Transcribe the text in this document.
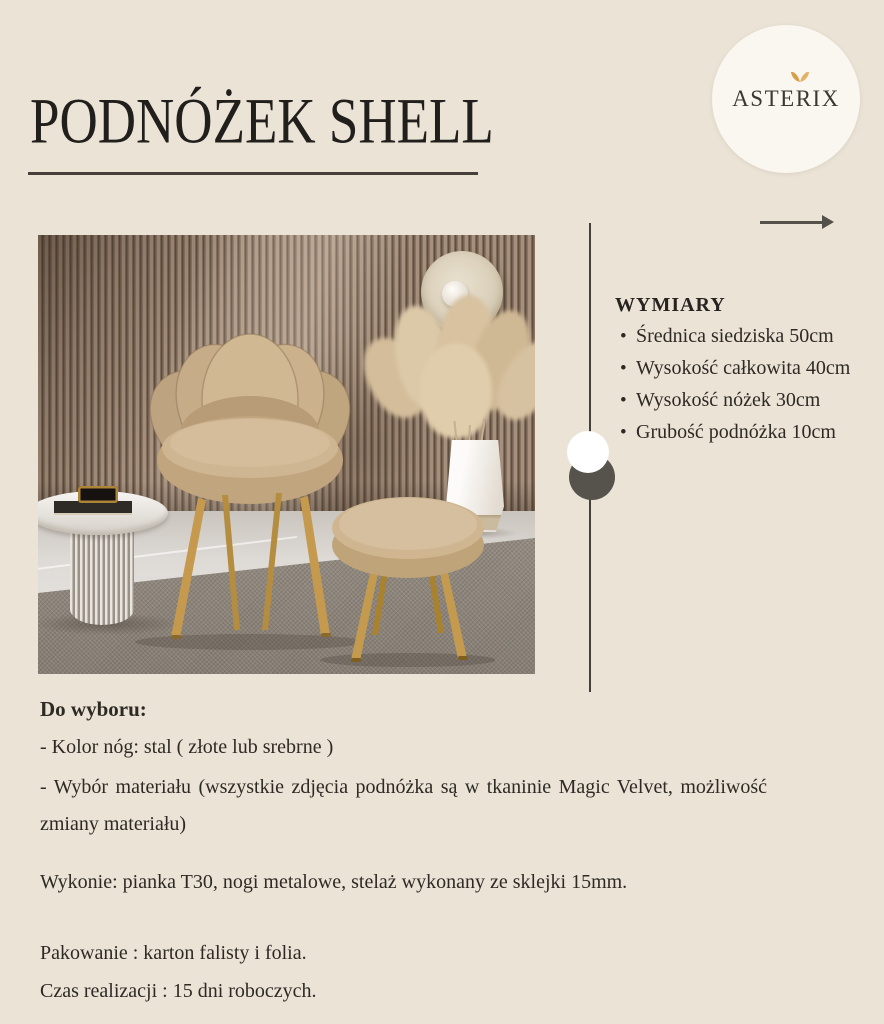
PODNÓŻEK SHELL	ASTERIX
WYMIARY
• Średnica siedziska 50cm
• Wysokość całkowita 40cm
• Wysokość nóżek 30cm
• Grubość podnóżka 10cm
Do wyboru:
- Kolor nóg: stal ( złote lub srebrne )
- Wybór materiału (wszystkie zdjęcia podnóżka są w tkaninie Magic Velvet, możliwość zmiany materiału)
Wykonie: pianka T30, nogi metalowe, stelaż wykonany ze sklejki 15mm.
Pakowanie : karton falisty i folia.
Czas realizacji : 15 dni roboczych.
